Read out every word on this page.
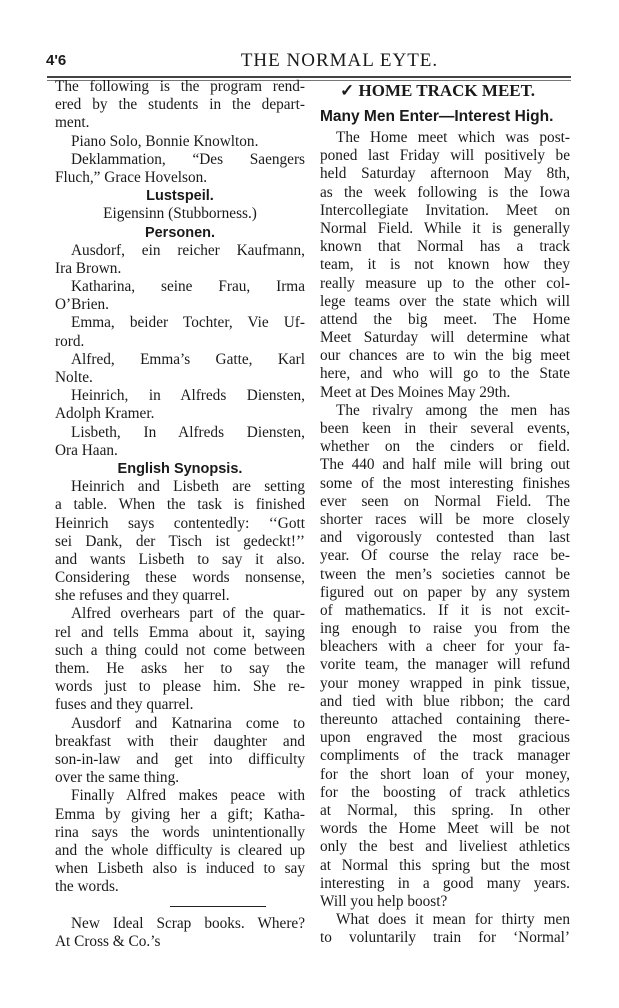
4'6	THE NORMAL EYTE.
The following is the program rend-
ered by the students in the depart-
ment.
Piano Solo, Bonnie Knowlton.
Deklammation, “Des Saengers
Fluch,” Grace Hovelson.
Lustspeil.
Eigensinn (Stubborness.)
Personen.
Ausdorf, ein reicher Kaufmann,
Ira Brown.
Katharina, seine Frau, Irma
O’Brien.
Emma, beider Tochter, Vie Uf-
rord.
Alfred, Emma’s Gatte, Karl
Nolte.
Heinrich, in Alfreds Diensten,
Adolph Kramer.
Lisbeth, In Alfreds Diensten,
Ora Haan.
English Synopsis.
Heinrich and Lisbeth are setting
a table. When the task is finished
Heinrich says contentedly: ‘‘Gott
sei Dank, der Tisch ist gedeckt!’’
and wants Lisbeth to say it also.
Considering these words nonsense,
she refuses and they quarrel.
Alfred overhears part of the quar-
rel and tells Emma about it, saying
such a thing could not come between
them. He asks her to say the
words just to please him. She re-
fuses and they quarrel.
Ausdorf and Katnarina come to
breakfast with their daughter and
son-in-law and get into difficulty
over the same thing.
Finally Alfred makes peace with
Emma by giving her a gift; Katha-
rina says the words unintentionally
and the whole difficulty is cleared up
when Lisbeth also is induced to say
the words.
New Ideal Scrap books. Where?
At Cross & Co.’s
✓ HOME TRACK MEET.
Many Men Enter—Interest High.
The Home meet which was post-
poned last Friday will positively be
held Saturday afternoon May 8th,
as the week following is the Iowa
Intercollegiate Invitation. Meet on
Normal Field. While it is generally
known that Normal has a track
team, it is not known how they
really measure up to the other col-
lege teams over the state which will
attend the big meet. The Home
Meet Saturday will determine what
our chances are to win the big meet
here, and who will go to the State
Meet at Des Moines May 29th.
The rivalry among the men has
been keen in their several events,
whether on the cinders or field.
The 440 and half mile will bring out
some of the most interesting finishes
ever seen on Normal Field. The
shorter races will be more closely
and vigorously contested than last
year. Of course the relay race be-
tween the men’s societies cannot be
figured out on paper by any system
of mathematics. If it is not excit-
ing enough to raise you from the
bleachers with a cheer for your fa-
vorite team, the manager will refund
your money wrapped in pink tissue,
and tied with blue ribbon; the card
thereunto attached containing there-
upon engraved the most gracious
compliments of the track manager
for the short loan of your money,
for the boosting of track athletics
at Normal, this spring. In other
words the Home Meet will be not
only the best and liveliest athletics
at Normal this spring but the most
interesting in a good many years.
Will you help boost?
What does it mean for thirty men
to voluntarily train for ‘Normal’
